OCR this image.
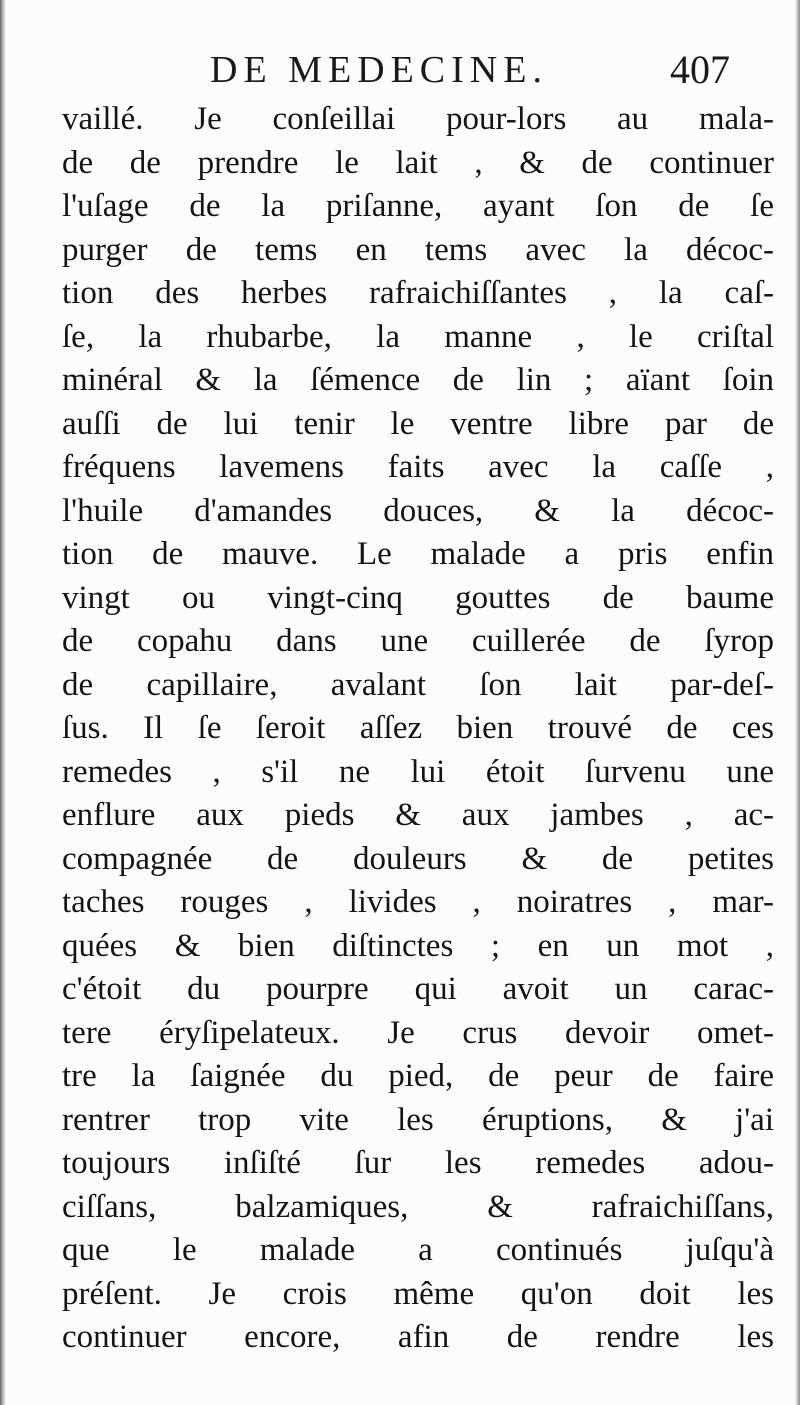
DE MEDECINE.	407
vaillé. Je conſeillai pour-lors au mala-
de de prendre le lait , & de continuer
l'uſage de la priſanne, ayant ſon de ſe
purger de tems en tems avec la décoc-
tion des herbes rafraichiſſantes , la caſ-
ſe, la rhubarbe, la manne , le criſtal
minéral & la ſémence de lin ; aïant ſoin
auſſi de lui tenir le ventre libre par de
fréquens lavemens faits avec la caſſe ,
l'huile d'amandes douces, & la décoc-
tion de mauve. Le malade a pris enfin
vingt ou vingt-cinq gouttes de baume
de copahu dans une cuillerée de ſyrop
de capillaire, avalant ſon lait par-deſ-
ſus. Il ſe ſeroit aſſez bien trouvé de ces
remedes , s'il ne lui étoit ſurvenu une
enflure aux pieds & aux jambes , ac-
compagnée de douleurs & de petites
taches rouges , livides , noiratres , mar-
quées & bien diſtinctes ; en un mot ,
c'étoit du pourpre qui avoit un carac-
tere éryſipelateux. Je crus devoir omet-
tre la ſaignée du pied, de peur de faire
rentrer trop vite les éruptions, & j'ai
toujours inſiſté ſur les remedes adou-
ciſſans, balzamiques, & rafraichiſſans,
que le malade a continués juſqu'à
préſent. Je crois même qu'on doit les
continuer encore, afin de rendre les
